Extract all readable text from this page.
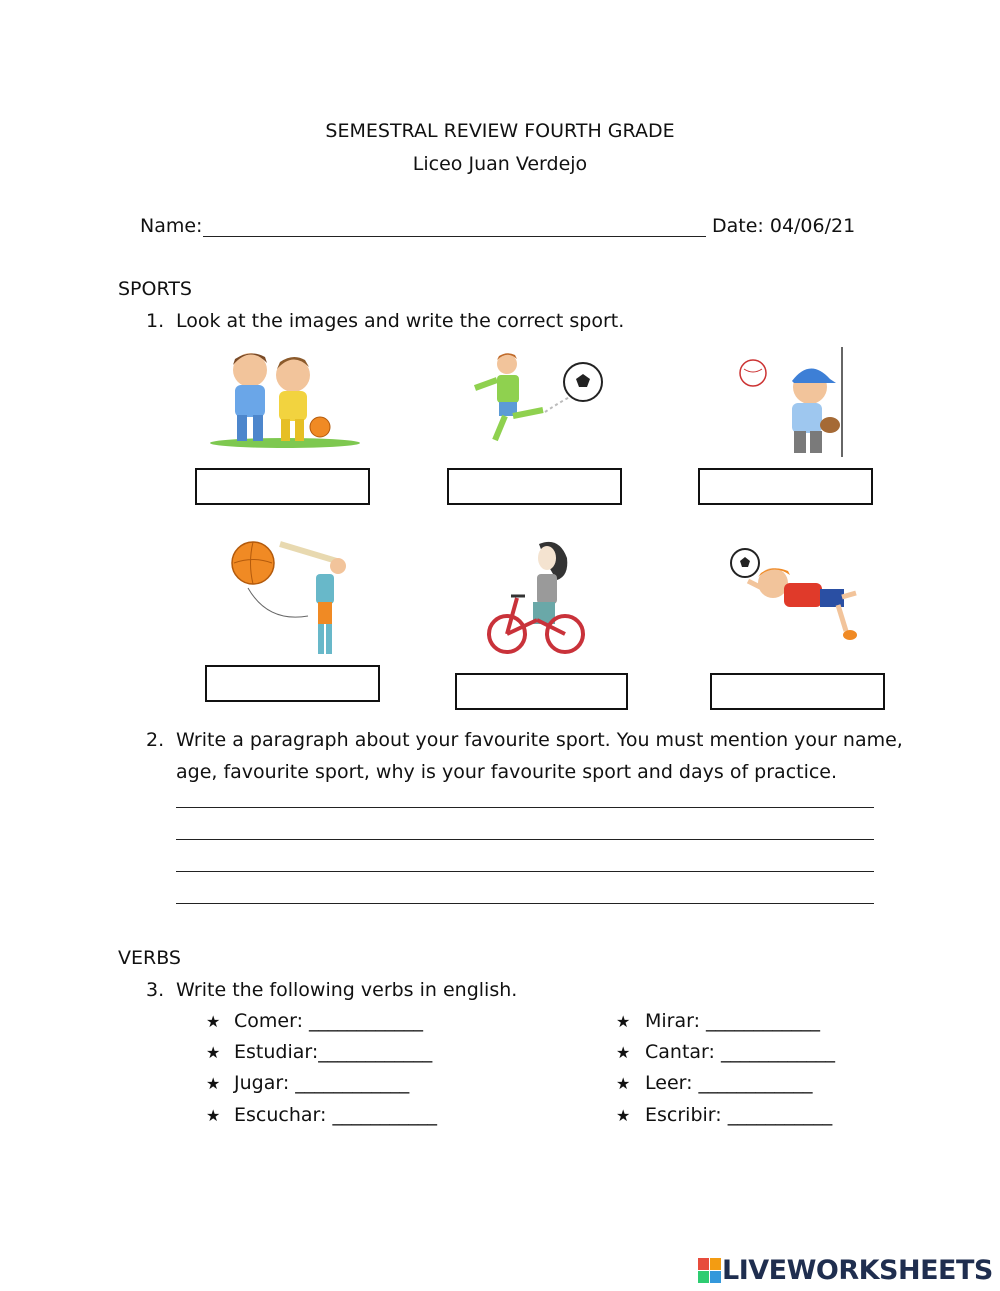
SEMESTRAL REVIEW FOURTH GRADE
Liceo Juan Verdejo
Name:	Date: 04/06/21
SPORTS
1. Look at the images and write the correct sport.
2. Write a paragraph about your favourite sport. You must mention your name,
age, favourite sport, why is your favourite sport and days of practice.
VERBS
3. Write the following verbs in english.
★ Comer: ____________
★ Estudiar:____________
★ Jugar: ____________
★ Escuchar: ___________
★ Mirar: ____________
★ Cantar: ____________
★ Leer: ____________
★ Escribir: ___________
LIVEWORKSHEETS
